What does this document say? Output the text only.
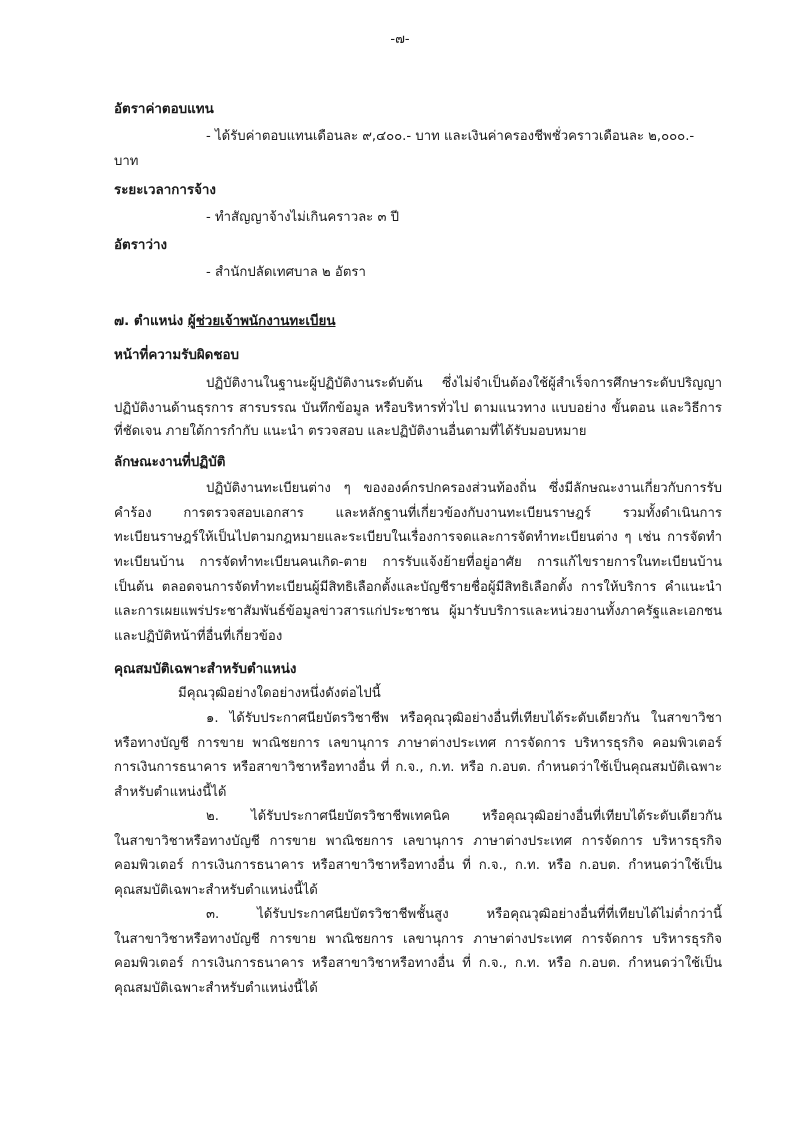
-๗-
อัตราค่าตอบแทน
- ได้รับค่าตอบแทนเดือนละ ๙,๔๐๐.- บาท และเงินค่าครองชีพชั่วคราวเดือนละ ๒,๐๐๐.-
บาท
ระยะเวลาการจ้าง
- ทำสัญญาจ้างไม่เกินคราวละ ๓ ปี
อัตราว่าง
- สำนักปลัดเทศบาล ๒ อัตรา
๗. ตำแหน่ง ผู้ช่วยเจ้าพนักงานทะเบียน
หน้าที่ความรับผิดชอบ
ปฏิบัติงานในฐานะผู้ปฏิบัติงานระดับต้น ซึ่งไม่จำเป็นต้องใช้ผู้สำเร็จการศึกษาระดับปริญญา
ปฏิบัติงานด้านธุรการ สารบรรณ บันทึกข้อมูล หรือบริหารทั่วไป ตามแนวทาง แบบอย่าง ขั้นตอน และวิธีการ
ที่ชัดเจน ภายใต้การกำกับ แนะนำ ตรวจสอบ และปฏิบัติงานอื่นตามที่ได้รับมอบหมาย
ลักษณะงานที่ปฏิบัติ
ปฏิบัติงานทะเบียนต่าง ๆ ขององค์กรปกครองส่วนท้องถิ่น ซึ่งมีลักษณะงานเกี่ยวกับการรับ
คำร้อง การตรวจสอบเอกสาร และหลักฐานที่เกี่ยวข้องกับงานทะเบียนราษฎร์ รวมทั้งดำเนินการ
ทะเบียนราษฎร์ให้เป็นไปตามกฎหมายและระเบียบในเรื่องการจดและการจัดทำทะเบียนต่าง ๆ เช่น การจัดทำ
ทะเบียนบ้าน การจัดทำทะเบียนคนเกิด-ตาย การรับแจ้งย้ายที่อยู่อาศัย การแก้ไขรายการในทะเบียนบ้าน
เป็นต้น ตลอดจนการจัดทำทะเบียนผู้มีสิทธิเลือกตั้งและบัญชีรายชื่อผู้มีสิทธิเลือกตั้ง การให้บริการ คำแนะนำ
และการเผยแพร่ประชาสัมพันธ์ข้อมูลข่าวสารแก่ประชาชน ผู้มารับบริการและหน่วยงานทั้งภาครัฐและเอกชน
และปฏิบัติหน้าที่อื่นที่เกี่ยวข้อง
คุณสมบัติเฉพาะสำหรับตำแหน่ง
มีคุณวุฒิอย่างใดอย่างหนึ่งดังต่อไปนี้
๑. ได้รับประกาศนียบัตรวิชาชีพ หรือคุณวุฒิอย่างอื่นที่เทียบได้ระดับเดียวกัน ในสาขาวิชา
หรือทางบัญชี การขาย พาณิชยการ เลขานุการ ภาษาต่างประเทศ การจัดการ บริหารธุรกิจ คอมพิวเตอร์
การเงินการธนาคาร หรือสาขาวิชาหรือทางอื่น ที่ ก.จ., ก.ท. หรือ ก.อบต. กำหนดว่าใช้เป็นคุณสมบัติเฉพาะ
สำหรับตำแหน่งนี้ได้
๒. ได้รับประกาศนียบัตรวิชาชีพเทคนิค หรือคุณวุฒิอย่างอื่นที่เทียบได้ระดับเดียวกัน
ในสาขาวิชาหรือทางบัญชี การขาย พาณิชยการ เลขานุการ ภาษาต่างประเทศ การจัดการ บริหารธุรกิจ
คอมพิวเตอร์ การเงินการธนาคาร หรือสาขาวิชาหรือทางอื่น ที่ ก.จ., ก.ท. หรือ ก.อบต. กำหนดว่าใช้เป็น
คุณสมบัติเฉพาะสำหรับตำแหน่งนี้ได้
๓. ได้รับประกาศนียบัตรวิชาชีพชั้นสูง หรือคุณวุฒิอย่างอื่นที่ที่เทียบได้ไม่ต่ำกว่านี้
ในสาขาวิชาหรือทางบัญชี การขาย พาณิชยการ เลขานุการ ภาษาต่างประเทศ การจัดการ บริหารธุรกิจ
คอมพิวเตอร์ การเงินการธนาคาร หรือสาขาวิชาหรือทางอื่น ที่ ก.จ., ก.ท. หรือ ก.อบต. กำหนดว่าใช้เป็น
คุณสมบัติเฉพาะสำหรับตำแหน่งนี้ได้
